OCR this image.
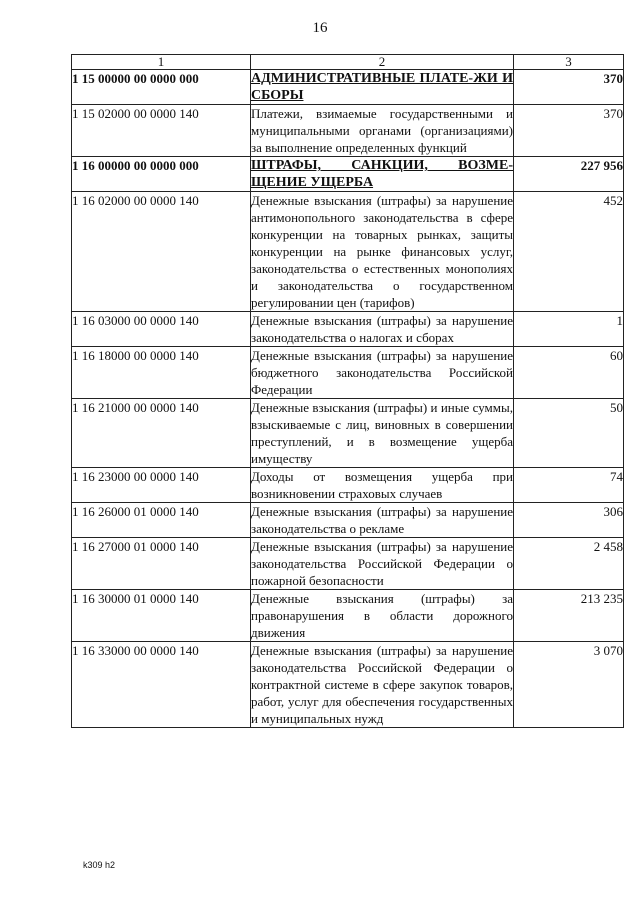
16
1	2	3
1 15 00000 00 0000 000	АДМИНИСТРАТИВНЫЕ ПЛАТЕ-ЖИ И СБОРЫ	370
1 15 02000 00 0000 140	Платежи, взимаемые государственными и муниципальными органами (организациями) за выполнение определенных функций	370
1 16 00000 00 0000 000	ШТРАФЫ, САНКЦИИ, ВОЗМЕ-ЩЕНИЕ УЩЕРБА	227 956
1 16 02000 00 0000 140	Денежные взыскания (штрафы) за нарушение антимонопольного законодательства в сфере конкуренции на товарных рынках, защиты конкуренции на рынке финансовых услуг, законодательства о естественных монополиях и законодательства о государственном регулировании цен (тарифов)	452
1 16 03000 00 0000 140	Денежные взыскания (штрафы) за нарушение законодательства о налогах и сборах	1
1 16 18000 00 0000 140	Денежные взыскания (штрафы) за нарушение бюджетного законодательства Российской Федерации	60
1 16 21000 00 0000 140	Денежные взыскания (штрафы) и иные суммы, взыскиваемые с лиц, виновных в совершении преступлений, и в возмещение ущерба имуществу	50
1 16 23000 00 0000 140	Доходы от возмещения ущерба при возникновении страховых случаев	74
1 16 26000 01 0000 140	Денежные взыскания (штрафы) за нарушение законодательства о рекламе	306
1 16 27000 01 0000 140	Денежные взыскания (штрафы) за нарушение законодательства Российской Федерации о пожарной безопасности	2 458
1 16 30000 01 0000 140	Денежные взыскания (штрафы) за правонарушения в области дорожного движения	213 235
1 16 33000 00 0000 140	Денежные взыскания (штрафы) за нарушение законодательства Российской Федерации о контрактной системе в сфере закупок товаров, работ, услуг для обеспечения государственных и муниципальных нужд	3 070
k309 h2
